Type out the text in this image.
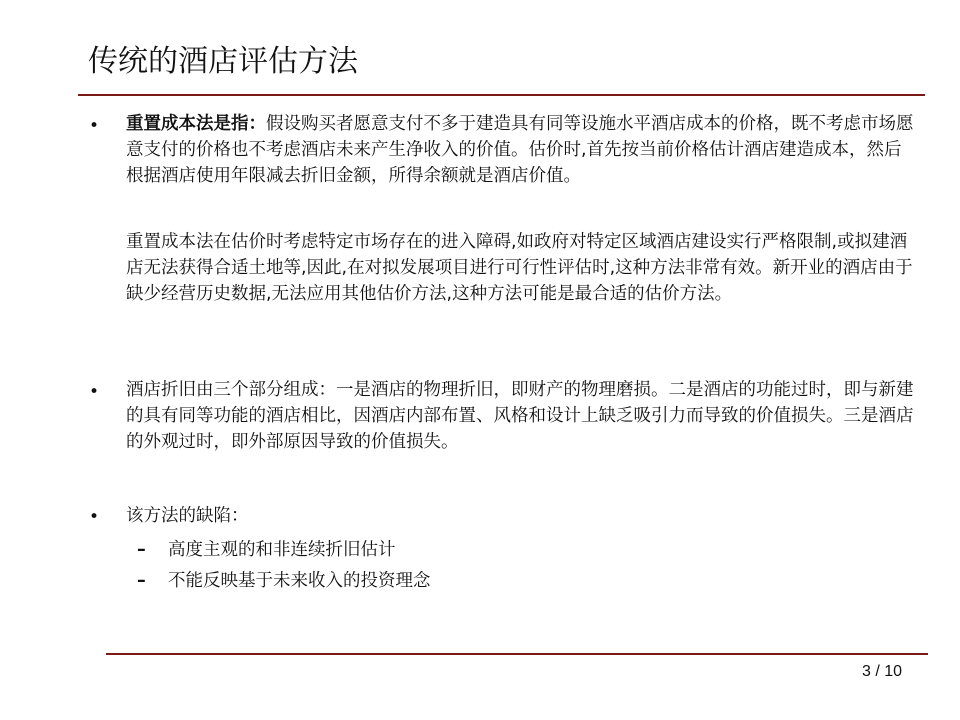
传统的酒店评估方法
• 重置成本法是指：假设购买者愿意支付不多于建造具有同等设施水平酒店成本的价格，既不考虑市场愿意支付的价格也不考虑酒店未来产生净收入的价值。估价时,首先按当前价格估计酒店建造成本，然后根据酒店使用年限减去折旧金额，所得余额就是酒店价值。
重置成本法在估价时考虑特定市场存在的进入障碍,如政府对特定区域酒店建设实行严格限制,或拟建酒店无法获得合适土地等,因此,在对拟发展项目进行可行性评估时,这种方法非常有效。新开业的酒店由于缺少经营历史数据,无法应用其他估价方法,这种方法可能是最合适的估价方法。
• 酒店折旧由三个部分组成：一是酒店的物理折旧，即财产的物理磨损。二是酒店的功能过时，即与新建的具有同等功能的酒店相比，因酒店内部布置、风格和设计上缺乏吸引力而导致的价值损失。三是酒店的外观过时，即外部原因导致的价值损失。
• 该方法的缺陷：
– 高度主观的和非连续折旧估计
– 不能反映基于未来收入的投资理念
3 / 10
